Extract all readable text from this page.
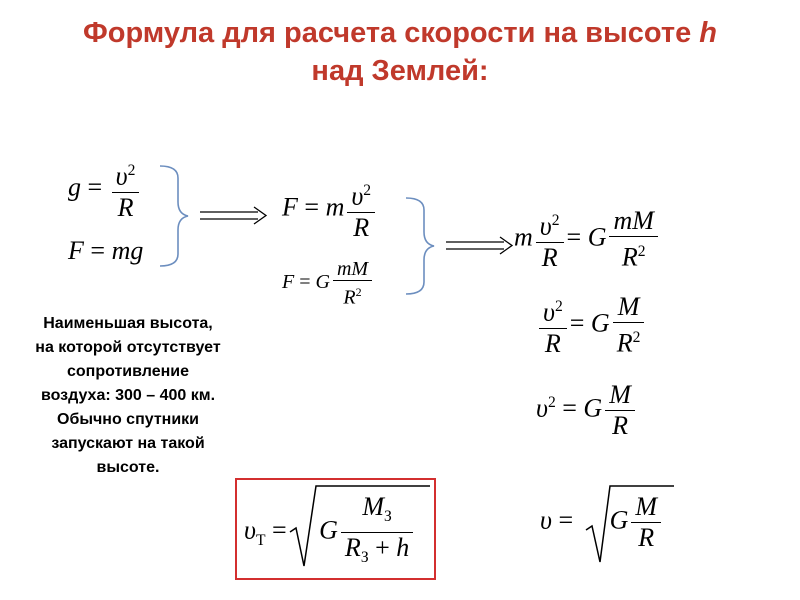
Формула для расчета скорости на высоте h
над Землей:
$g = \frac{\upsilon^2}{R}$
F = mg
F = m $\frac{\upsilon^2}{R}$
F = G $\frac{mM}{R^2}$
m $\frac{\upsilon^2}{R} = G \frac{mM}{R^2}$
$\frac{\upsilon^2}{R} = G \frac{M}{R^2}$
$\upsilon^2 = G \frac{M}{R}$
υ = G $\frac{M}{R}$
$\upsilon_Т = G$
$M_З$
$R_З + h$
Наименьшая высота,
на которой отсутствует
сопротивление
воздуха: 300 – 400 км.
Обычно спутники
запускают на такой
высоте.
